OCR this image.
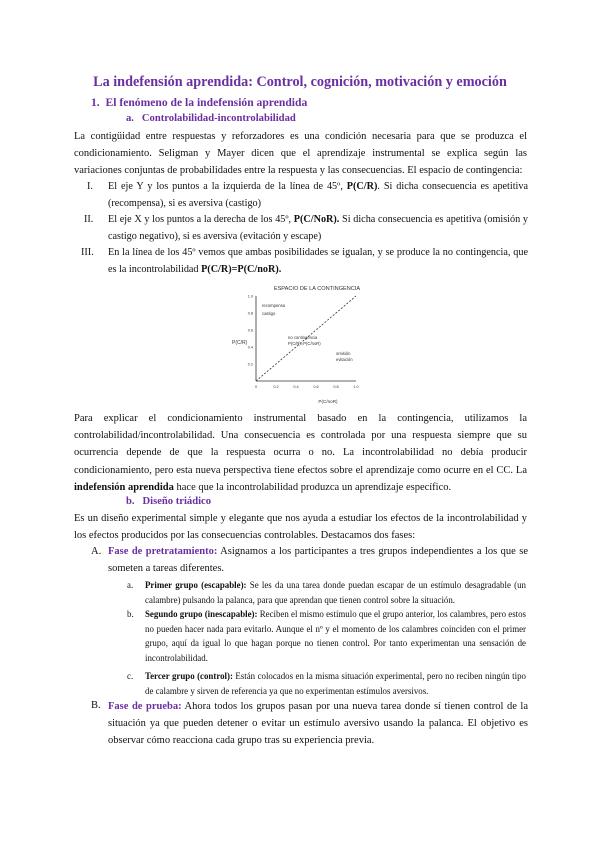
La indefensión aprendida: Control, cognición, motivación y emoción
1. El fenómeno de la indefensión aprendida
a. Controlabilidad-incontrolabilidad

La contigüidad entre respuestas y reforzadores es una condición necesaria para que se produzca el condicionamiento. Seligman y Mayer dicen que el aprendizaje instrumental se explica según las variaciones conjuntas de probabilidades entre la respuesta y las consecuencias. El espacio de contingencia:

I. El eje Y y los puntos a la izquierda de la línea de 45º, P(C/R). Si dicha consecuencia es apetitiva (recompensa), si es aversiva (castigo)

II. El eje X y los puntos a la derecha de los 45º, P(C/NoR). Si dicha consecuencia es apetitiva (omisión y castigo negativo), si es aversiva (evitación y escape)

III. En la línea de los 45º vemos que ambas posibilidades se igualan, y se produce la no contingencia, que es la incontrolabilidad P(C/R)=P(C/noR).

ESPACIO DE LA CONTINGENCIA
P(C/R)
P(C/noR)
0	0.2	0.4	0.6	0.8	1.0
0.2
0.4
0.6
0.8
1.0
recompensa castigo
no contingencia P(C/R)=P(C/noR)
omisión evitación

Para explicar el condicionamiento instrumental basado en la contingencia, utilizamos la controlabilidad/incontrolabilidad. Una consecuencia es controlada por una respuesta siempre que su ocurrencia depende de que la respuesta ocurra o no. La incontrolabilidad no debía producir condicionamiento, pero esta nueva perspectiva tiene efectos sobre el aprendizaje como ocurre en el CC. La indefensión aprendida hace que la incontrolabilidad produzca un aprendizaje específico.

b. Diseño triádico

Es un diseño experimental simple y elegante que nos ayuda a estudiar los efectos de la incontrolabilidad y los efectos producidos por las consecuencias controlables. Destacamos dos fases:

A. Fase de pretratamiento: Asignamos a los participantes a tres grupos independientes a los que se someten a tareas diferentes.

a. Primer grupo (escapable): Se les da una tarea donde puedan escapar de un estímulo desagradable (un calambre) pulsando la palanca, para que aprendan que tienen control sobre la situación.

b. Segundo grupo (inescapable): Reciben el mismo estímulo que el grupo anterior, los calambres, pero estos no pueden hacer nada para evitarlo. Aunque el nº y el momento de los calambres coinciden con el primer grupo, aquí da igual lo que hagan porque no tienen control. Por tanto experimentan una sensación de incontrolabilidad.

c. Tercer grupo (control): Están colocados en la misma situación experimental, pero no reciben ningún tipo de calambre y sirven de referencia ya que no experimentan estímulos aversivos.

B. Fase de prueba: Ahora todos los grupos pasan por una nueva tarea donde sí tienen control de la situación ya que pueden detener o evitar un estímulo aversivo usando la palanca. El objetivo es observar cómo reacciona cada grupo tras su experiencia previa.
